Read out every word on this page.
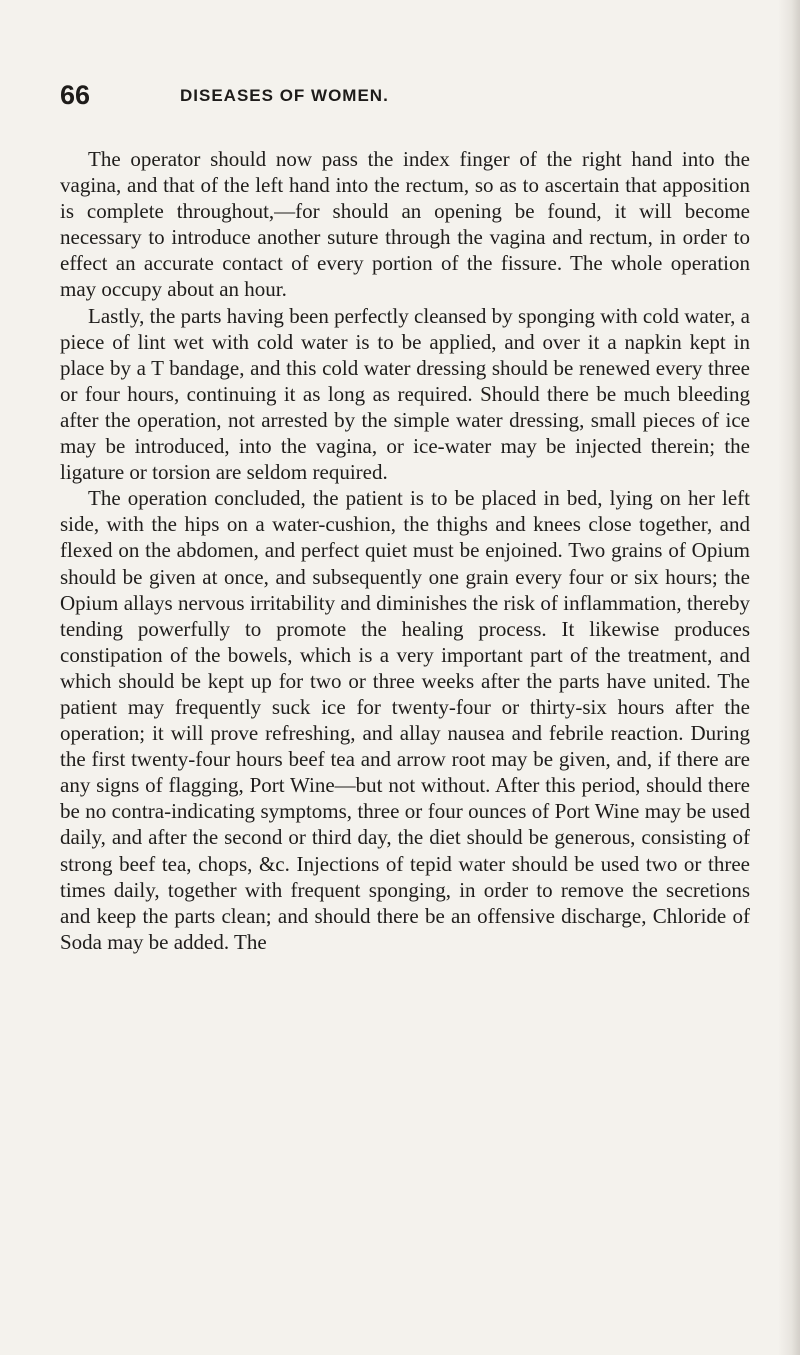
66	DISEASES OF WOMEN.

The operator should now pass the index finger of the right hand into the vagina, and that of the left hand into the rectum, so as to ascertain that apposition is complete throughout,—for should an opening be found, it will become necessary to introduce another suture through the vagina and rectum, in order to effect an accurate contact of every portion of the fissure. The whole operation may occupy about an hour.

Lastly, the parts having been perfectly cleansed by sponging with cold water, a piece of lint wet with cold water is to be applied, and over it a napkin kept in place by a T bandage, and this cold water dressing should be renewed every three or four hours, continuing it as long as required. Should there be much bleeding after the operation, not arrested by the simple water dressing, small pieces of ice may be introduced, into the vagina, or ice-water may be injected therein; the ligature or torsion are seldom required.

The operation concluded, the patient is to be placed in bed, lying on her left side, with the hips on a water-cushion, the thighs and knees close together, and flexed on the abdomen, and perfect quiet must be enjoined. Two grains of Opium should be given at once, and subsequently one grain every four or six hours; the Opium allays nervous irritability and diminishes the risk of inflammation, thereby tending powerfully to promote the healing process. It likewise produces constipation of the bowels, which is a very important part of the treatment, and which should be kept up for two or three weeks after the parts have united. The patient may frequently suck ice for twenty-four or thirty-six hours after the operation; it will prove refreshing, and allay nausea and febrile reaction. During the first twenty-four hours beef tea and arrow root may be given, and, if there are any signs of flagging, Port Wine—but not without. After this period, should there be no contra-indicating symptoms, three or four ounces of Port Wine may be used daily, and after the second or third day, the diet should be generous, consisting of strong beef tea, chops, &c. Injections of tepid water should be used two or three times daily, together with frequent sponging, in order to remove the secretions and keep the parts clean; and should there be an offensive discharge, Chloride of Soda may be added. The
